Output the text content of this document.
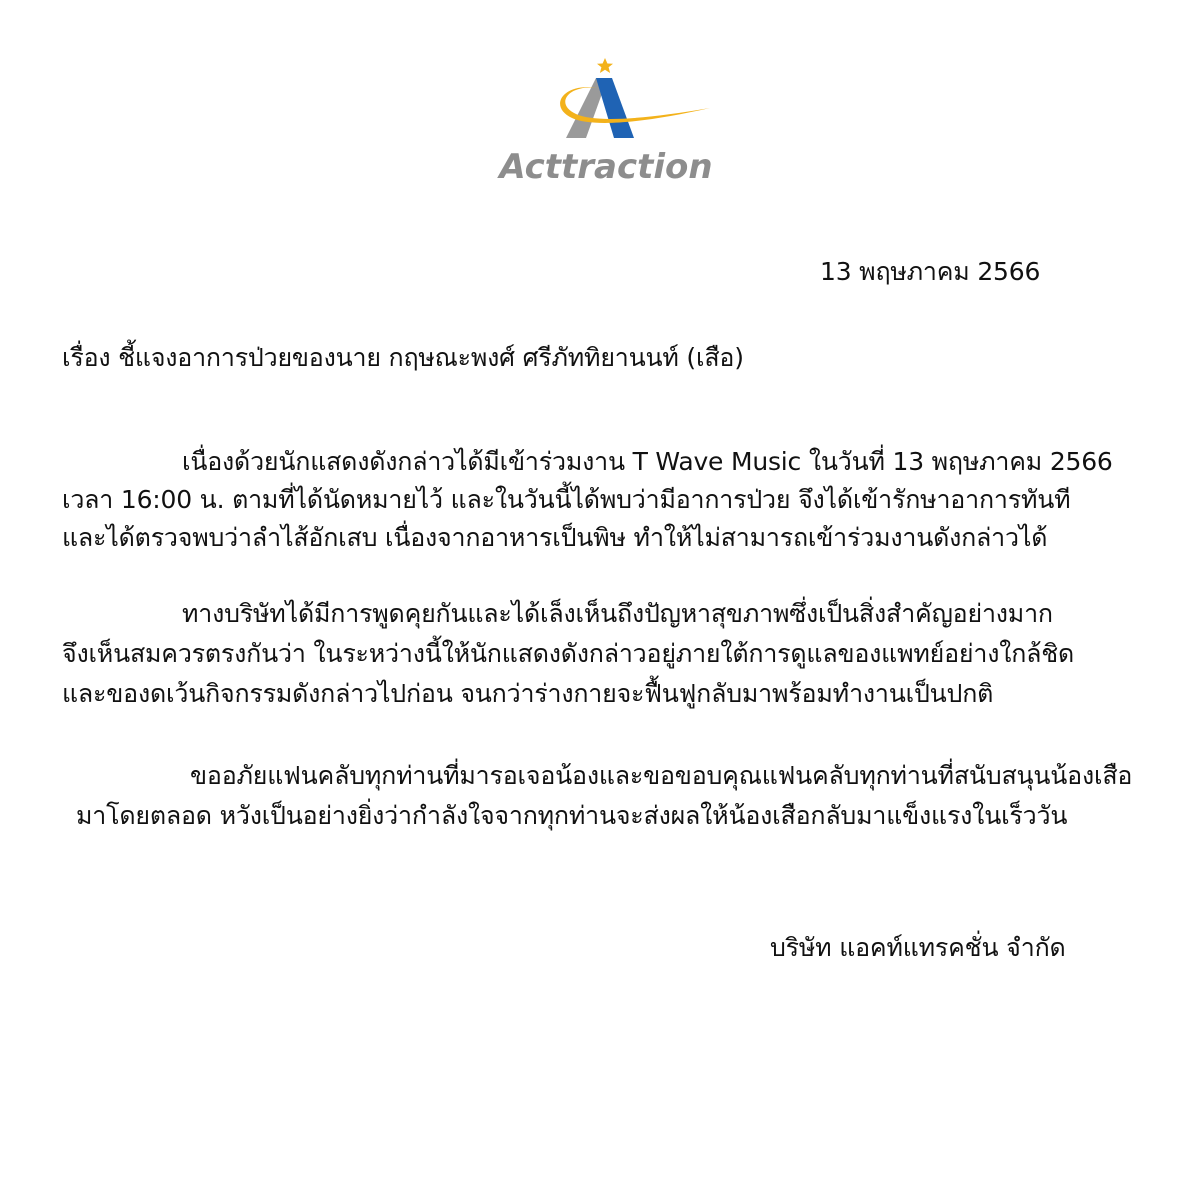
Acttraction
13 พฤษภาคม 2566
เรื่อง ชี้แจงอาการป่วยของนาย กฤษณะพงศ์ ศรีภัททิยานนท์ (เสือ)
เนื่องด้วยนักแสดงดังกล่าวได้มีเข้าร่วมงาน T Wave Music ในวันที่ 13 พฤษภาคม 2566
เวลา 16:00 น. ตามที่ได้นัดหมายไว้ และในวันนี้ได้พบว่ามีอาการป่วย จึงได้เข้ารักษาอาการทันที
และได้ตรวจพบว่าลำไส้อักเสบ เนื่องจากอาหารเป็นพิษ ทำให้ไม่สามารถเข้าร่วมงานดังกล่าวได้
ทางบริษัทได้มีการพูดคุยกันและได้เล็งเห็นถึงปัญหาสุขภาพซึ่งเป็นสิ่งสำคัญอย่างมาก
จึงเห็นสมควรตรงกันว่า ในระหว่างนี้ให้นักแสดงดังกล่าวอยู่ภายใต้การดูแลของแพทย์อย่างใกล้ชิด
และของดเว้นกิจกรรมดังกล่าวไปก่อน จนกว่าร่างกายจะฟื้นฟูกลับมาพร้อมทำงานเป็นปกติ
ขออภัยแฟนคลับทุกท่านที่มารอเจอน้องและขอขอบคุณแฟนคลับทุกท่านที่สนับสนุนน้องเสือ
มาโดยตลอด หวังเป็นอย่างยิ่งว่ากำลังใจจากทุกท่านจะส่งผลให้น้องเสือกลับมาแข็งแรงในเร็ววัน
บริษัท แอคท์แทรคชั่น จำกัด
